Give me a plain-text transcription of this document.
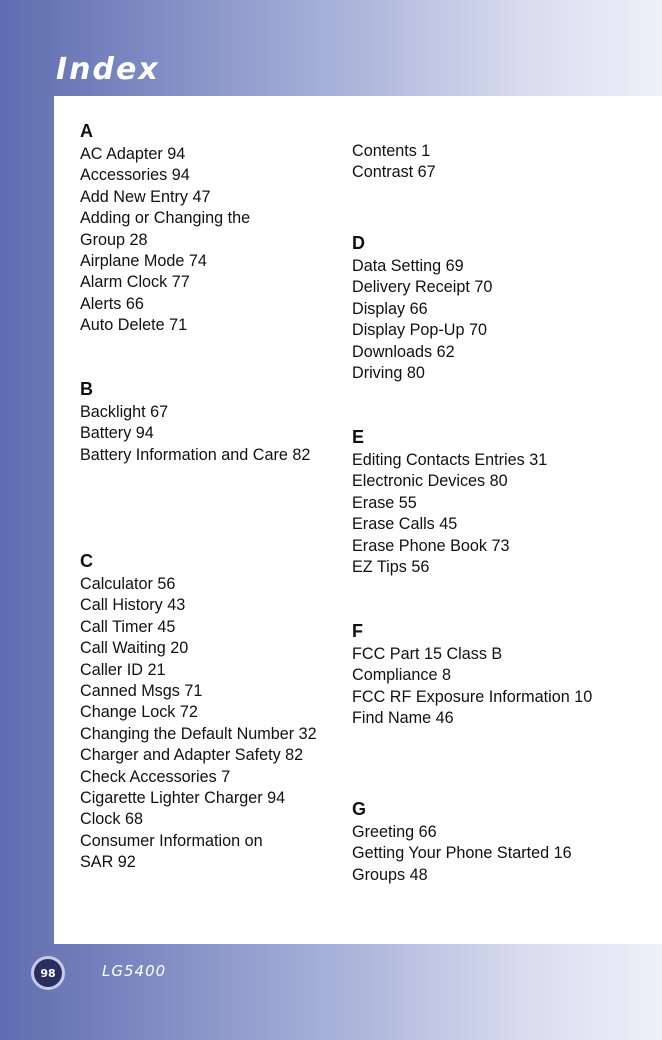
Index
A
AC Adapter 94
Accessories 94
Add New Entry 47
Adding or Changing the Group 28
Airplane Mode 74
Alarm Clock 77
Alerts 66
Auto Delete 71
B
Backlight 67
Battery 94
Battery Information and Care 82
C
Calculator 56
Call History 43
Call Timer 45
Call Waiting 20
Caller ID 21
Canned Msgs 71
Change Lock 72
Changing the Default Number 32
Charger and Adapter Safety 82
Check Accessories 7
Cigarette Lighter Charger 94
Clock 68
Consumer Information on SAR 92
Contents 1
Contrast 67
D
Data Setting 69
Delivery Receipt 70
Display 66
Display Pop-Up 70
Downloads 62
Driving 80
E
Editing Contacts Entries 31
Electronic Devices 80
Erase 55
Erase Calls 45
Erase Phone Book 73
EZ Tips 56
F
FCC Part 15 Class B Compliance 8
FCC RF Exposure Information 10
Find Name 46
G
Greeting 66
Getting Your Phone Started 16
Groups 48
98	LG5400
